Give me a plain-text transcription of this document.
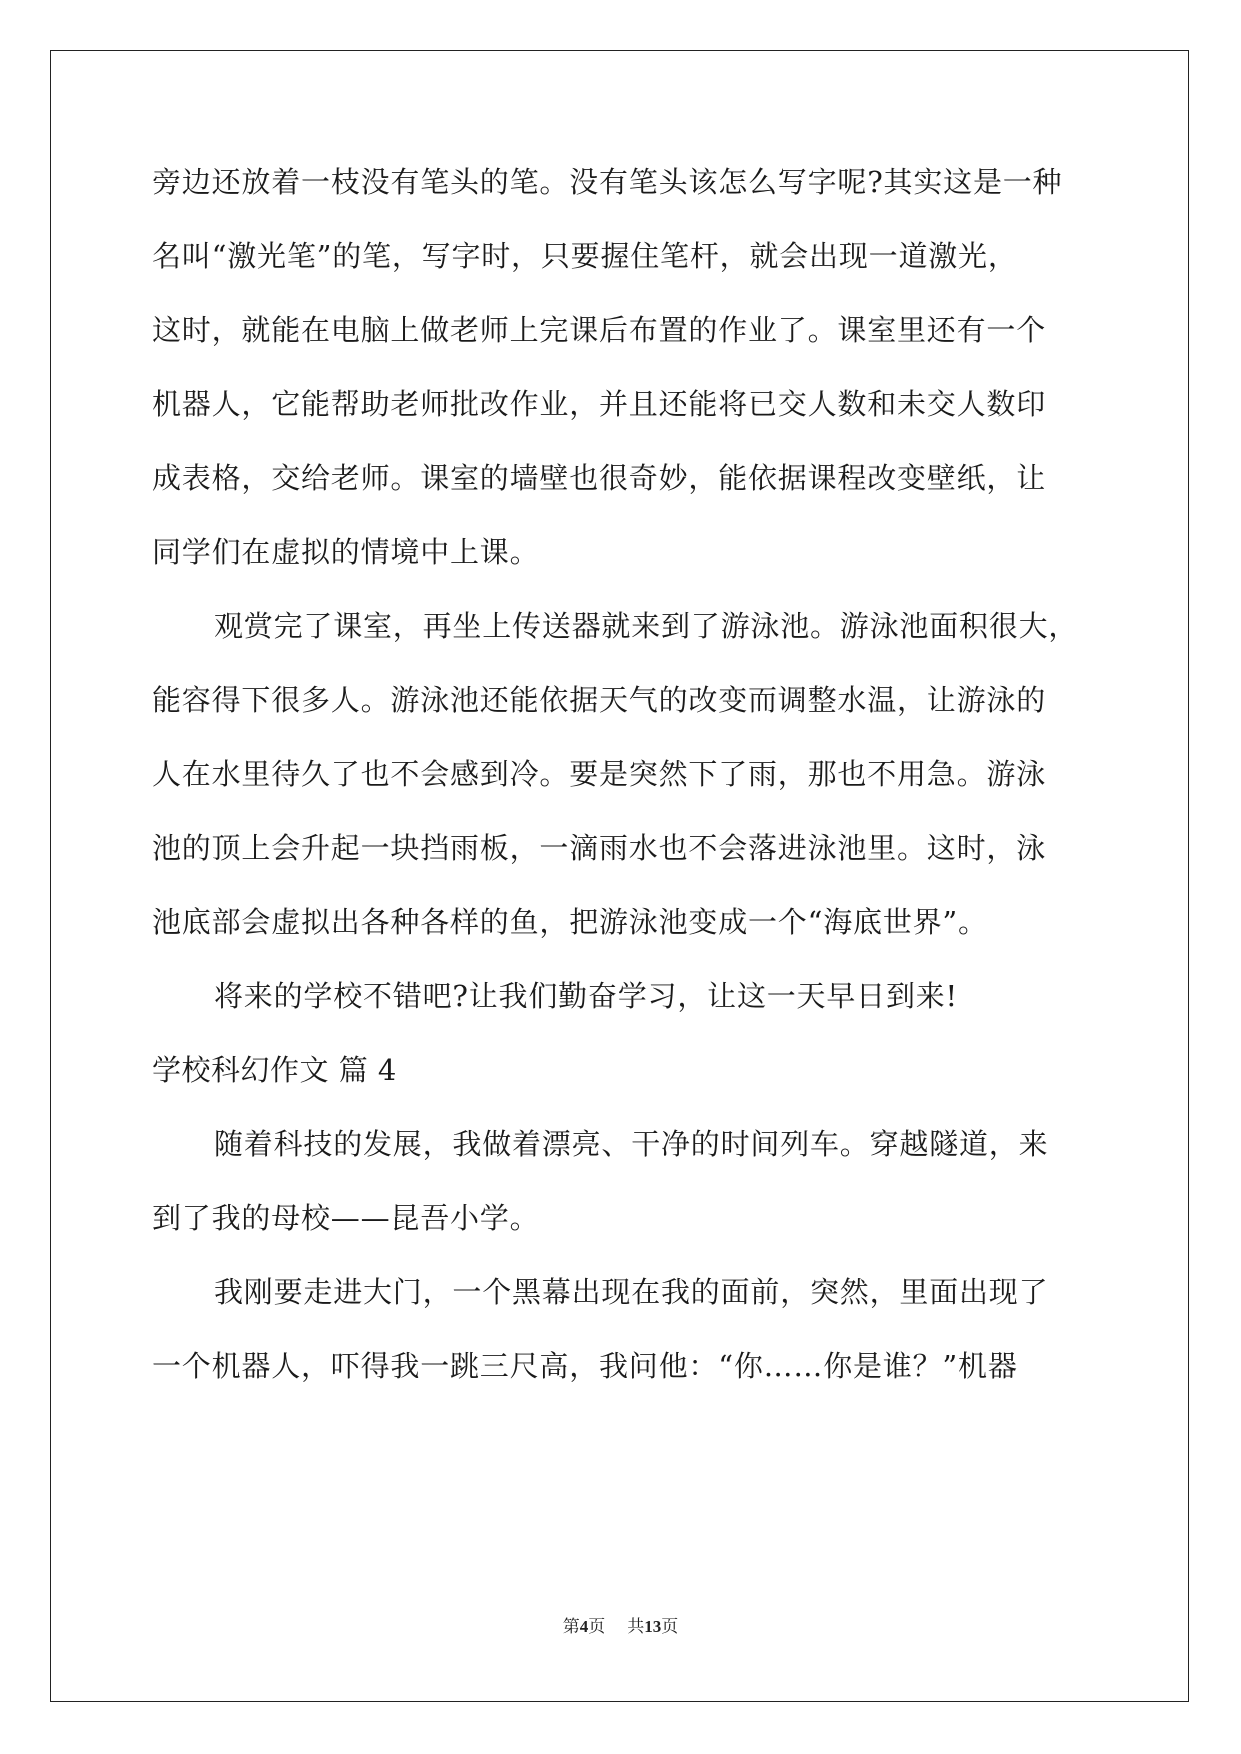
旁边还放着一枝没有笔头的笔。没有笔头该怎么写字呢?其实这是一种
名叫“激光笔”的笔，写字时，只要握住笔杆，就会出现一道激光，
这时，就能在电脑上做老师上完课后布置的作业了。课室里还有一个
机器人，它能帮助老师批改作业，并且还能将已交人数和未交人数印
成表格，交给老师。课室的墙壁也很奇妙，能依据课程改变壁纸，让
同学们在虚拟的情境中上课。
观赏完了课室，再坐上传送器就来到了游泳池。游泳池面积很大，
能容得下很多人。游泳池还能依据天气的改变而调整水温，让游泳的
人在水里待久了也不会感到冷。要是突然下了雨，那也不用急。游泳
池的顶上会升起一块挡雨板，一滴雨水也不会落进泳池里。这时，泳
池底部会虚拟出各种各样的鱼，把游泳池变成一个“海底世界”。
将来的学校不错吧?让我们勤奋学习，让这一天早日到来!
学校科幻作文 篇 4
随着科技的发展，我做着漂亮、干净的时间列车。穿越隧道，来
到了我的母校——昆吾小学。
我刚要走进大门，一个黑幕出现在我的面前，突然，里面出现了
一个机器人，吓得我一跳三尺高，我问他：“你……你是谁？”机器
第4页 共13页
